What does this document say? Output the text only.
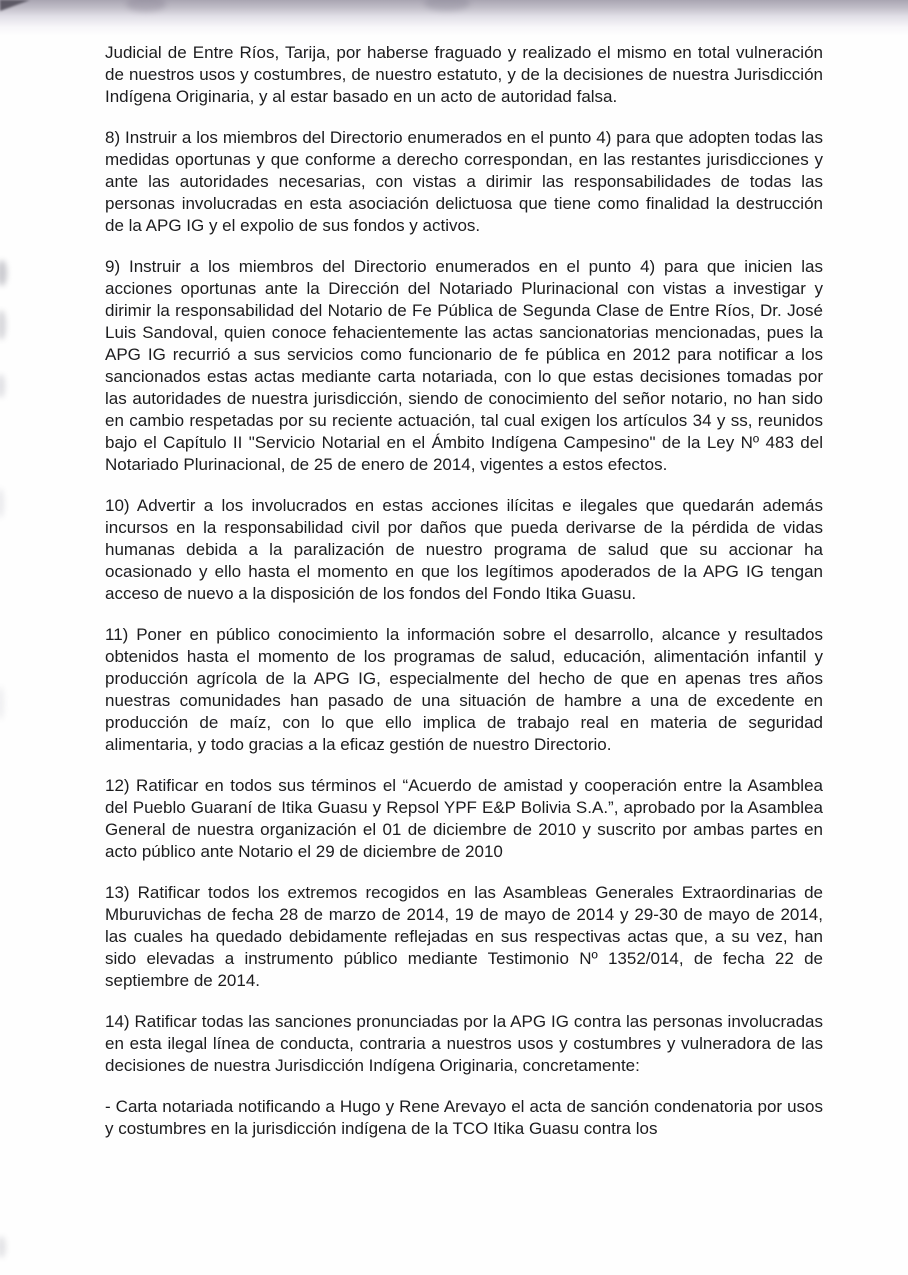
Judicial de Entre Ríos, Tarija, por haberse fraguado y realizado el mismo en total vulneración de nuestros usos y costumbres, de nuestro estatuto, y de la decisiones de nuestra Jurisdicción Indígena Originaria, y al estar basado en un acto de autoridad falsa.

8) Instruir a los miembros del Directorio enumerados en el punto 4) para que adopten todas las medidas oportunas y que conforme a derecho correspondan, en las restantes jurisdicciones y ante las autoridades necesarias, con vistas a dirimir las responsabilidades de todas las personas involucradas en esta asociación delictuosa que tiene como finalidad la destrucción de la APG IG y el expolio de sus fondos y activos.

9) Instruir a los miembros del Directorio enumerados en el punto 4) para que inicien las acciones oportunas ante la Dirección del Notariado Plurinacional con vistas a investigar y dirimir la responsabilidad del Notario de Fe Pública de Segunda Clase de Entre Ríos, Dr. José Luis Sandoval, quien conoce fehacientemente las actas sancionatorias mencionadas, pues la APG IG recurrió a sus servicios como funcionario de fe pública en 2012 para notificar a los sancionados estas actas mediante carta notariada, con lo que estas decisiones tomadas por las autoridades de nuestra jurisdicción, siendo de conocimiento del señor notario, no han sido en cambio respetadas por su reciente actuación, tal cual exigen los artículos 34 y ss, reunidos bajo el Capítulo II "Servicio Notarial en el Ámbito Indígena Campesino" de la Ley Nº 483 del Notariado Plurinacional, de 25 de enero de 2014, vigentes a estos efectos.

10) Advertir a los involucrados en estas acciones ilícitas e ilegales que quedarán además incursos en la responsabilidad civil por daños que pueda derivarse de la pérdida de vidas humanas debida a la paralización de nuestro programa de salud que su accionar ha ocasionado y ello hasta el momento en que los legítimos apoderados de la APG IG tengan acceso de nuevo a la disposición de los fondos del Fondo Itika Guasu.

11) Poner en público conocimiento la información sobre el desarrollo, alcance y resultados obtenidos hasta el momento de los programas de salud, educación, alimentación infantil y producción agrícola de la APG IG, especialmente del hecho de que en apenas tres años nuestras comunidades han pasado de una situación de hambre a una de excedente en producción de maíz, con lo que ello implica de trabajo real en materia de seguridad alimentaria, y todo gracias a la eficaz gestión de nuestro Directorio.

12) Ratificar en todos sus términos el “Acuerdo de amistad y cooperación entre la Asamblea del Pueblo Guaraní de Itika Guasu y Repsol YPF E&P Bolivia S.A.”, aprobado por la Asamblea General de nuestra organización el 01 de diciembre de 2010 y suscrito por ambas partes en acto público ante Notario el 29 de diciembre de 2010

13) Ratificar todos los extremos recogidos en las Asambleas Generales Extraordinarias de Mburuvichas de fecha 28 de marzo de 2014, 19 de mayo de 2014 y 29-30 de mayo de 2014, las cuales ha quedado debidamente reflejadas en sus respectivas actas que, a su vez, han sido elevadas a instrumento público mediante Testimonio Nº 1352/014, de fecha 22 de septiembre de 2014.

14) Ratificar todas las sanciones pronunciadas por la APG IG contra las personas involucradas en esta ilegal línea de conducta, contraria a nuestros usos y costumbres y vulneradora de las decisiones de nuestra Jurisdicción Indígena Originaria, concretamente:

- Carta notariada notificando a Hugo y Rene Arevayo el acta de sanción condenatoria por usos y costumbres en la jurisdicción indígena de la TCO Itika Guasu contra los
